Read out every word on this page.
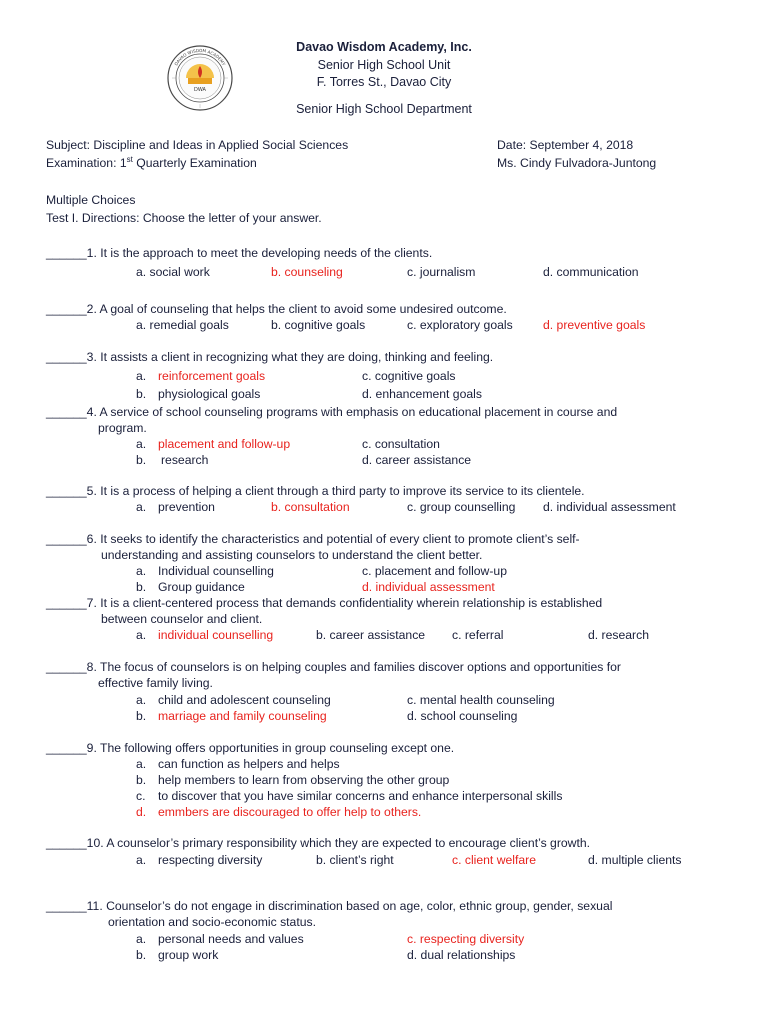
DWA
DAVAO WISDOM ACADEMY
Davao Wisdom Academy, Inc.
Senior High School Unit
F. Torres St., Davao City
Senior High School Department
Subject: Discipline and Ideas in Applied Social Sciences	Date: September 4, 2018
Examination: 1st Quarterly Examination	Ms. Cindy Fulvadora-Juntong
Multiple Choices
Test I. Directions: Choose the letter of your answer.
______1. It is the approach to meet the developing needs of the clients.
a. social work	b. counseling	c. journalism	d. communication
______2. A goal of counseling that helps the client to avoid some undesired outcome.
a. remedial goals	b. cognitive goals	c. exploratory goals d. preventive goals
______3. It assists a client in recognizing what they are doing, thinking and feeling.
a. reinforcement goals	c. cognitive goals
b. physiological goals	d. enhancement goals
______4. A service of school counseling programs with emphasis on educational placement in course and
program.
a. placement and follow-up	c. consultation
b. research	d. career assistance
______5. It is a process of helping a client through a third party to improve its service to its clientele.
a. prevention	b. consultation	c. group counselling d. individual assessment
______6. It seeks to identify the characteristics and potential of every client to promote client’s self-
understanding and assisting counselors to understand the client better.
a. Individual counselling	c. placement and follow-up
b. Group guidance	d. individual assessment
______7. It is a client-centered process that demands confidentiality wherein relationship is established
between counselor and client.
a. individual counselling	b. career assistance c. referral	d. research
______8. The focus of counselors is on helping couples and families discover options and opportunities for
effective family living.
a. child and adolescent counseling	c. mental health counseling
b. marriage and family counseling	d. school counseling
______9. The following offers opportunities in group counseling except one.
a. can function as helpers and helps
b. help members to learn from observing the other group
c. to discover that you have similar concerns and enhance interpersonal skills
d. emmbers are discouraged to offer help to others.
______10. A counselor’s primary responsibility which they are expected to encourage client’s growth.
a. respecting diversity	b. client’s right	c. client welfare	d. multiple clients
______11. Counselor’s do not engage in discrimination based on age, color, ethnic group, gender, sexual
orientation and socio-economic status.
a. personal needs and values	c. respecting diversity
b. group work	d. dual relationships
